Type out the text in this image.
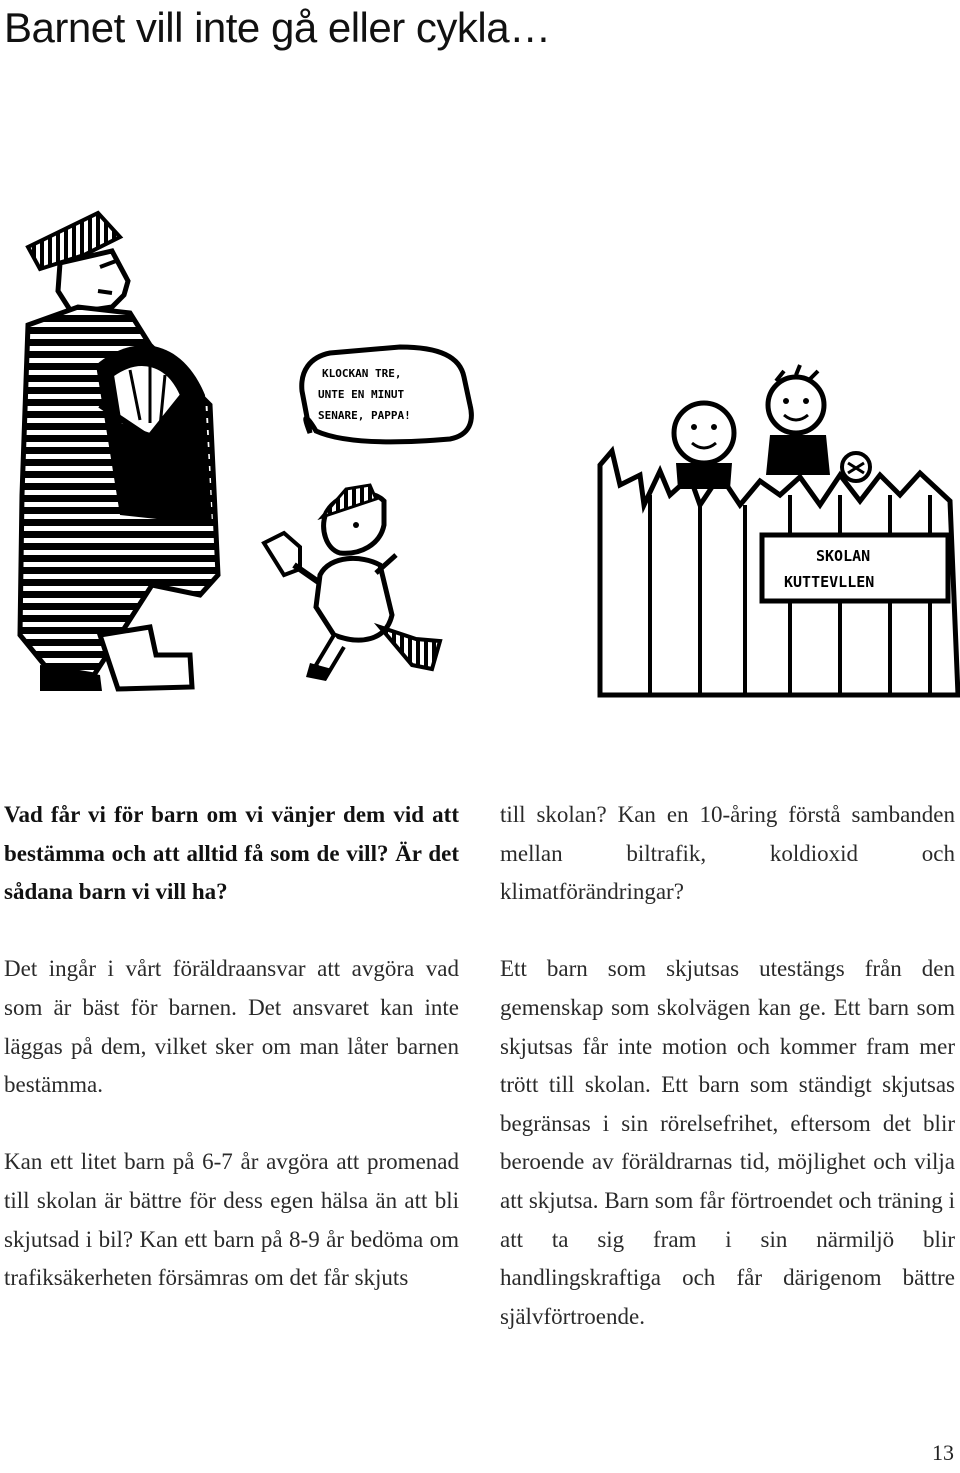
Barnet vill inte gå eller cykla…
KLOCKAN TRE,
UNTE EN MINUT
SENARE, PAPPA!
SKOLAN
KUTTEVLLEN

Vad får vi för barn om vi vänjer dem vid att bestämma och att alltid få som de vill? Är det sådana barn vi vill ha?

Det ingår i vårt föräldraansvar att avgöra vad som är bäst för barnen. Det ansvaret kan inte läggas på dem, vilket sker om man låter barnen bestämma.

Kan ett litet barn på 6-7 år avgöra att promenad till skolan är bättre för dess egen hälsa än att bli skjutsad i bil? Kan ett barn på 8-9 år bedöma om trafiksäkerheten försämras om det får skjuts

till skolan? Kan en 10-åring förstå sambanden mellan biltrafik, koldioxid och klimatförändringar?

Ett barn som skjutsas utestängs från den gemenskap som skolvägen kan ge. Ett barn som skjutsas får inte motion och kommer fram mer trött till skolan. Ett barn som ständigt skjutsas begränsas i sin rörelsefrihet, eftersom det blir beroende av föräldrarnas tid, möjlighet och vilja att skjutsa. Barn som får förtroendet och träning i att ta sig fram i sin närmiljö blir handlingskraftiga och får därigenom bättre självförtroende.

13
